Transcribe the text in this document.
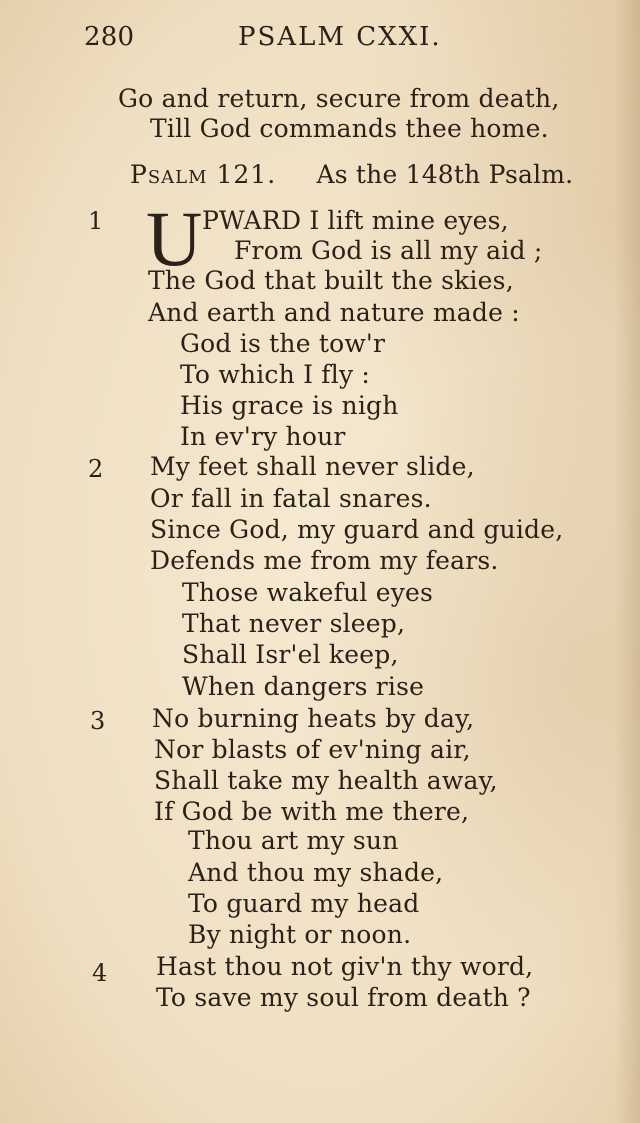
280	PSALM CXXI.
Go and return, secure from death,
Till God commands thee home.
Psalm 121. As the 148th Psalm.
1 U PWARD I lift mine eyes,
From God is all my aid ;
The God that built the skies,
And earth and nature made :
God is the tow'r
To which I fly :
His grace is nigh
In ev'ry hour
2 My feet shall never slide,
Or fall in fatal snares.
Since God, my guard and guide,
Defends me from my fears.
Those wakeful eyes
That never sleep,
Shall Isr'el keep,
When dangers rise
3 No burning heats by day,
Nor blasts of ev'ning air,
Shall take my health away,
If God be with me there,
Thou art my sun
And thou my shade,
To guard my head
By night or noon.
4 Hast thou not giv'n thy word,
To save my soul from death ?
